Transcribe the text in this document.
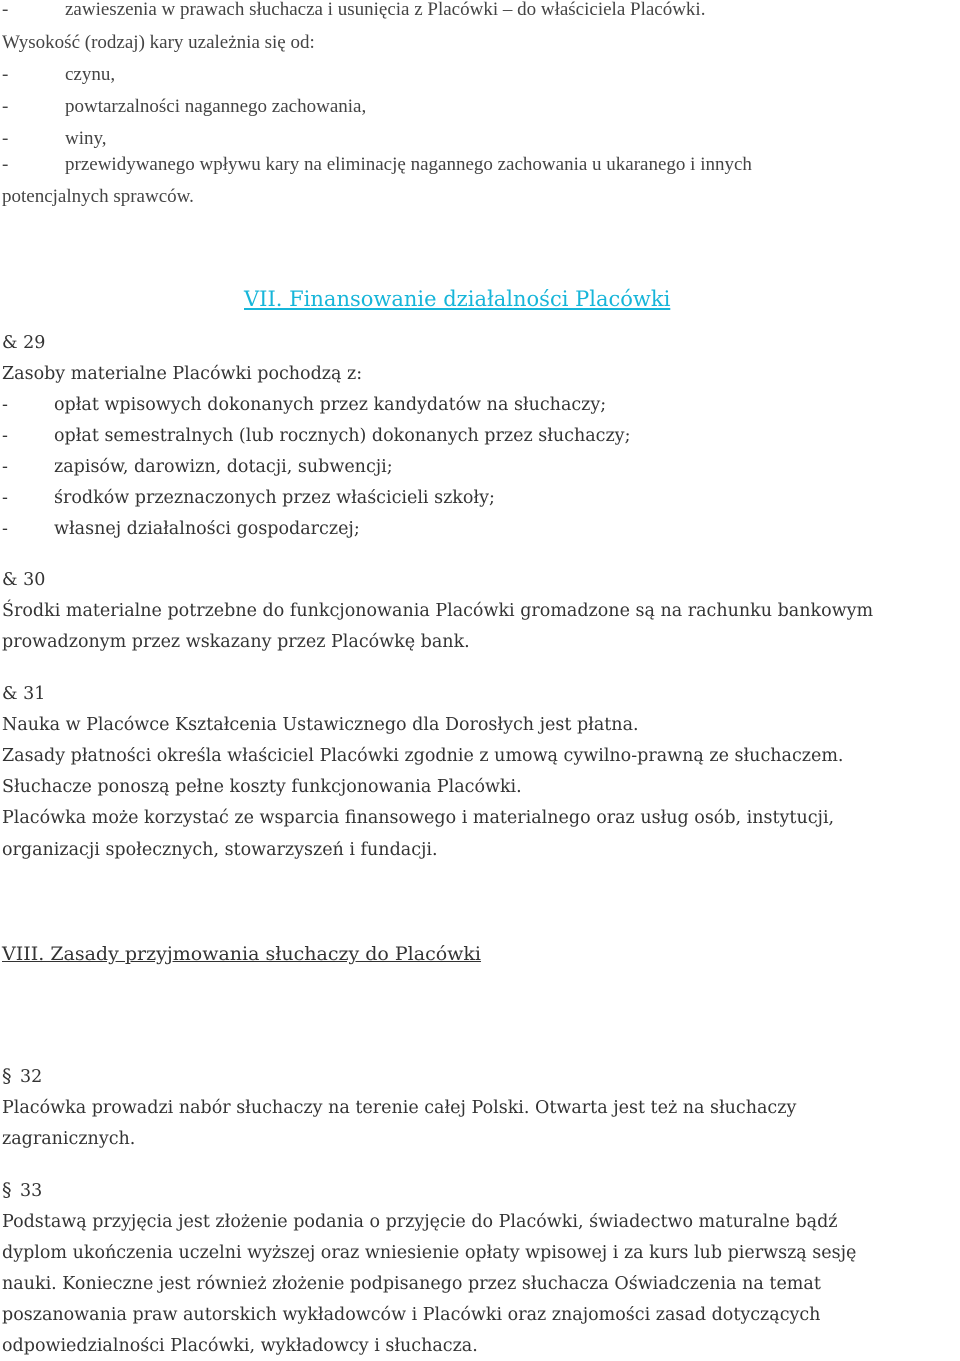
-	zawieszenia w prawach słuchacza i usunięcia z Placówki – do właściciela Placówki.
Wysokość (rodzaj) kary uzależnia się od:
-	czynu,
-	powtarzalności nagannego zachowania,
-	winy,
-	przewidywanego wpływu kary na eliminację nagannego zachowania u ukaranego i innych
potencjalnych sprawców.
VII. Finansowanie działalności Placówki
& 29
Zasoby materialne Placówki pochodzą z:
-	opłat wpisowych dokonanych przez kandydatów na słuchaczy;
-	opłat semestralnych (lub rocznych) dokonanych przez słuchaczy;
-	zapisów, darowizn, dotacji, subwencji;
-	środków przeznaczonych przez właścicieli szkoły;
-	własnej działalności gospodarczej;
& 30
Środki materialne potrzebne do funkcjonowania Placówki gromadzone są na rachunku bankowym
prowadzonym przez wskazany przez Placówkę bank.
& 31
Nauka w Placówce Kształcenia Ustawicznego dla Dorosłych jest płatna.
Zasady płatności określa właściciel Placówki zgodnie z umową cywilno-prawną ze słuchaczem.
Słuchacze ponoszą pełne koszty funkcjonowania Placówki.
Placówka może korzystać ze wsparcia finansowego i materialnego oraz usług osób, instytucji,
organizacji społecznych, stowarzyszeń i fundacji.
VIII. Zasady przyjmowania słuchaczy do Placówki
§32
Placówka prowadzi nabór słuchaczy na terenie całej Polski. Otwarta jest też na słuchaczy
zagranicznych.
§33
Podstawą przyjęcia jest złożenie podania o przyjęcie do Placówki, świadectwo maturalne bądź
dyplom ukończenia uczelni wyższej oraz wniesienie opłaty wpisowej i za kurs lub pierwszą sesję
nauki. Konieczne jest również złożenie podpisanego przez słuchacza Oświadczenia na temat
poszanowania praw autorskich wykładowców i Placówki oraz znajomości zasad dotyczących
odpowiedzialności Placówki, wykładowcy i słuchacza.
